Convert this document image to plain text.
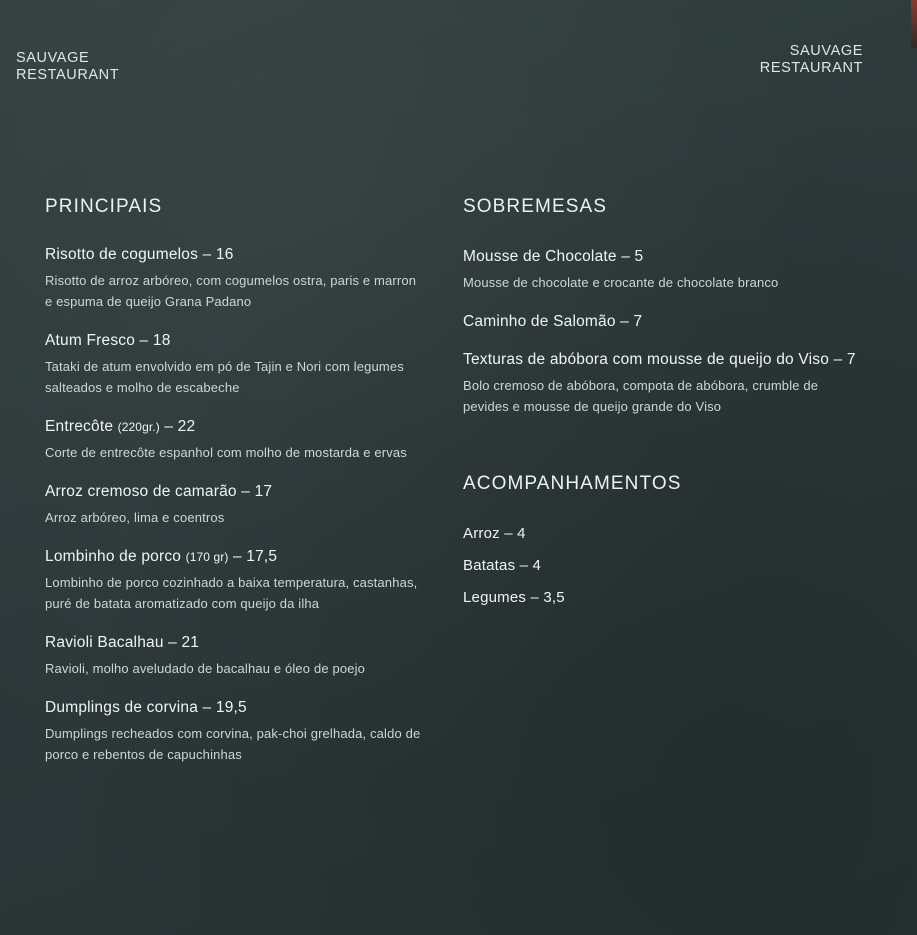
SAUVAGE
RESTAURANT
SAUVAGE
RESTAURANT
PRINCIPAIS
Risotto de cogumelos – 16
Risotto de arroz arbóreo, com cogumelos ostra, paris e marron e espuma de queijo Grana Padano
Atum Fresco – 18
Tataki de atum envolvido em pó de Tajin e Nori com legumes salteados e molho de escabeche
Entrecôte (220gr.) – 22
Corte de entrecôte espanhol com molho de mostarda e ervas
Arroz cremoso de camarão – 17
Arroz arbóreo, lima e coentros
Lombinho de porco (170 gr) – 17,5
Lombinho de porco cozinhado a baixa temperatura, castanhas, puré de batata aromatizado com queijo da ilha
Ravioli Bacalhau – 21
Ravioli, molho aveludado de bacalhau e óleo de poejo
Dumplings de corvina – 19,5
Dumplings recheados com corvina, pak-choi grelhada, caldo de porco e rebentos de capuchinhas
SOBREMESAS
Mousse de Chocolate – 5
Mousse de chocolate e crocante de chocolate branco
Caminho de Salomão – 7
Texturas de abóbora com mousse de queijo do Viso – 7
Bolo cremoso de abóbora, compota de abóbora, crumble de pevides e mousse de queijo grande do Viso
ACOMPANHAMENTOS
Arroz – 4
Batatas – 4
Legumes – 3,5
